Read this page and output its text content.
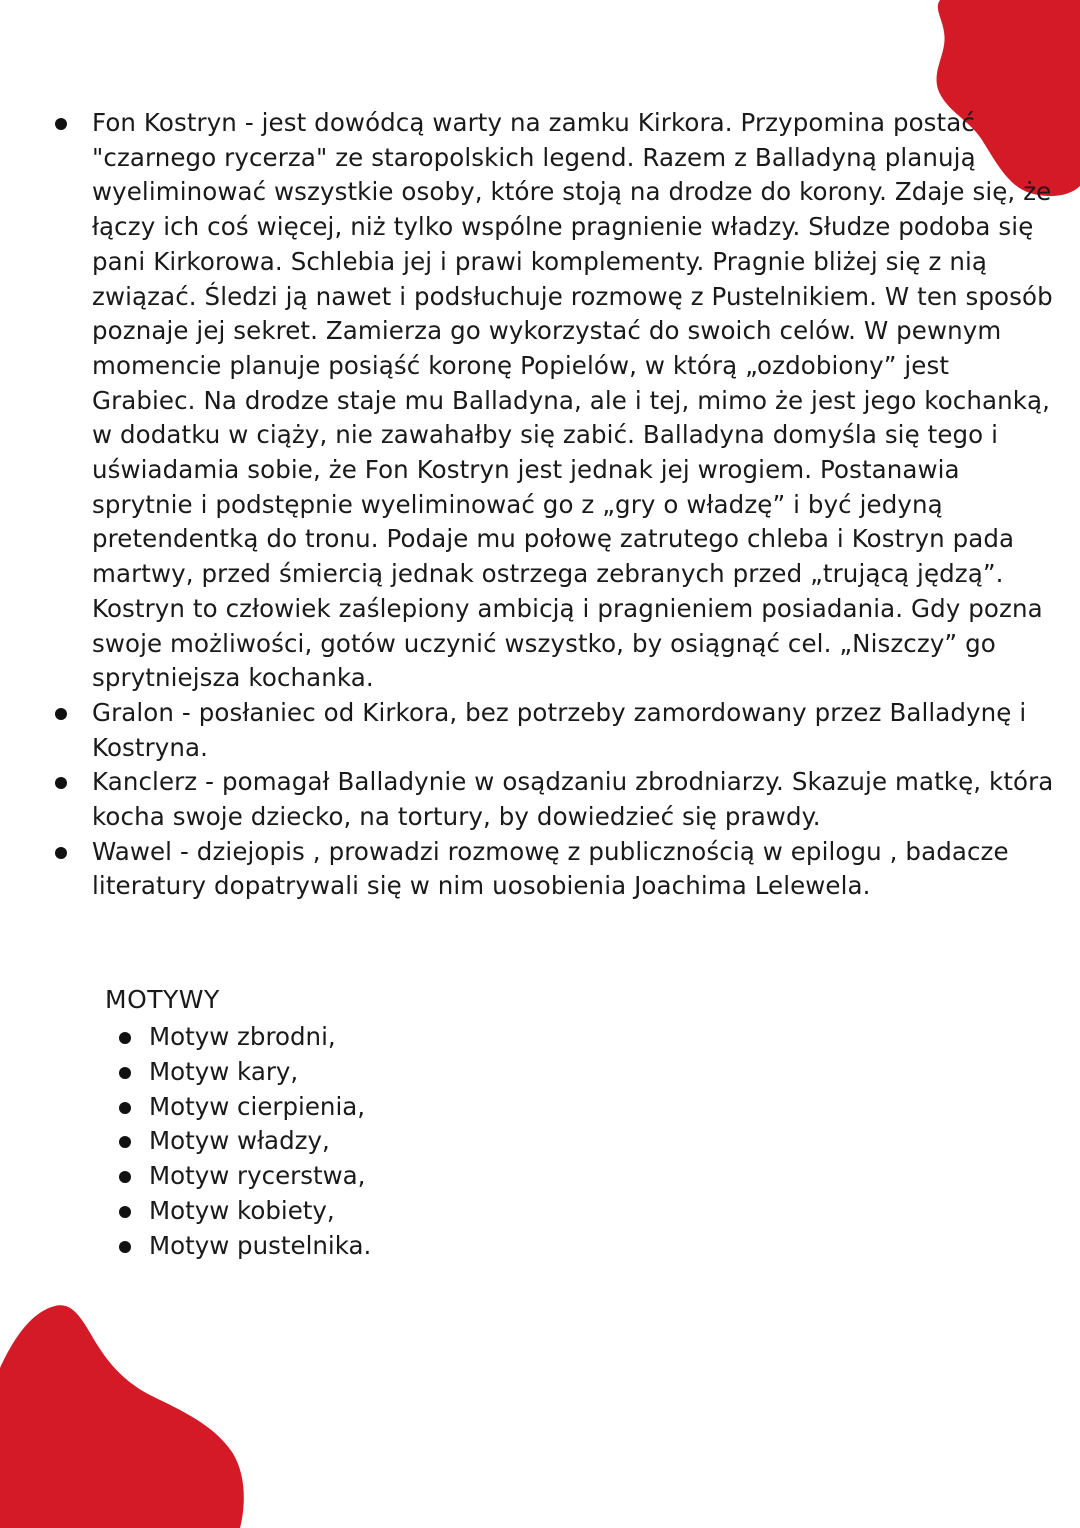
Fon Kostryn - jest dowódcą warty na zamku Kirkora. Przypomina postać "czarnego rycerza" ze staropolskich legend. Razem z Balladyną planują wyeliminować wszystkie osoby, które stoją na drodze do korony. Zdaje się, że łączy ich coś więcej, niż tylko wspólne pragnienie władzy. Słudze podoba się pani Kirkorowa. Schlebia jej i prawi komplementy. Pragnie bliżej się z nią związać. Śledzi ją nawet i podsłuchuje rozmowę z Pustelnikiem. W ten sposób poznaje jej sekret. Zamierza go wykorzystać do swoich celów. W pewnym momencie planuje posiąść koronę Popielów, w którą „ozdobiony” jest Grabiec. Na drodze staje mu Balladyna, ale i tej, mimo że jest jego kochanką, w dodatku w ciąży, nie zawahałby się zabić. Balladyna domyśla się tego i uświadamia sobie, że Fon Kostryn jest jednak jej wrogiem. Postanawia sprytnie i podstępnie wyeliminować go z „gry o władzę” i być jedyną pretendentką do tronu. Podaje mu połowę zatrutego chleba i Kostryn pada martwy, przed śmiercią jednak ostrzega zebranych przed „trującą jędzą”. Kostryn to człowiek zaślepiony ambicją i pragnieniem posiadania. Gdy pozna swoje możliwości, gotów uczynić wszystko, by osiągnąć cel. „Niszczy” go sprytniejsza kochanka.
Gralon - posłaniec od Kirkora, bez potrzeby zamordowany przez Balladynę i Kostryna.
Kanclerz - pomagał Balladynie w osądzaniu zbrodniarzy. Skazuje matkę, która kocha swoje dziecko, na tortury, by dowiedzieć się prawdy.
Wawel - dziejopis , prowadzi rozmowę z publicznością w epilogu , badacze literatury dopatrywali się w nim uosobienia Joachima Lelewela.
MOTYWY
Motyw zbrodni,
Motyw kary,
Motyw cierpienia,
Motyw władzy,
Motyw rycerstwa,
Motyw kobiety,
Motyw pustelnika.
